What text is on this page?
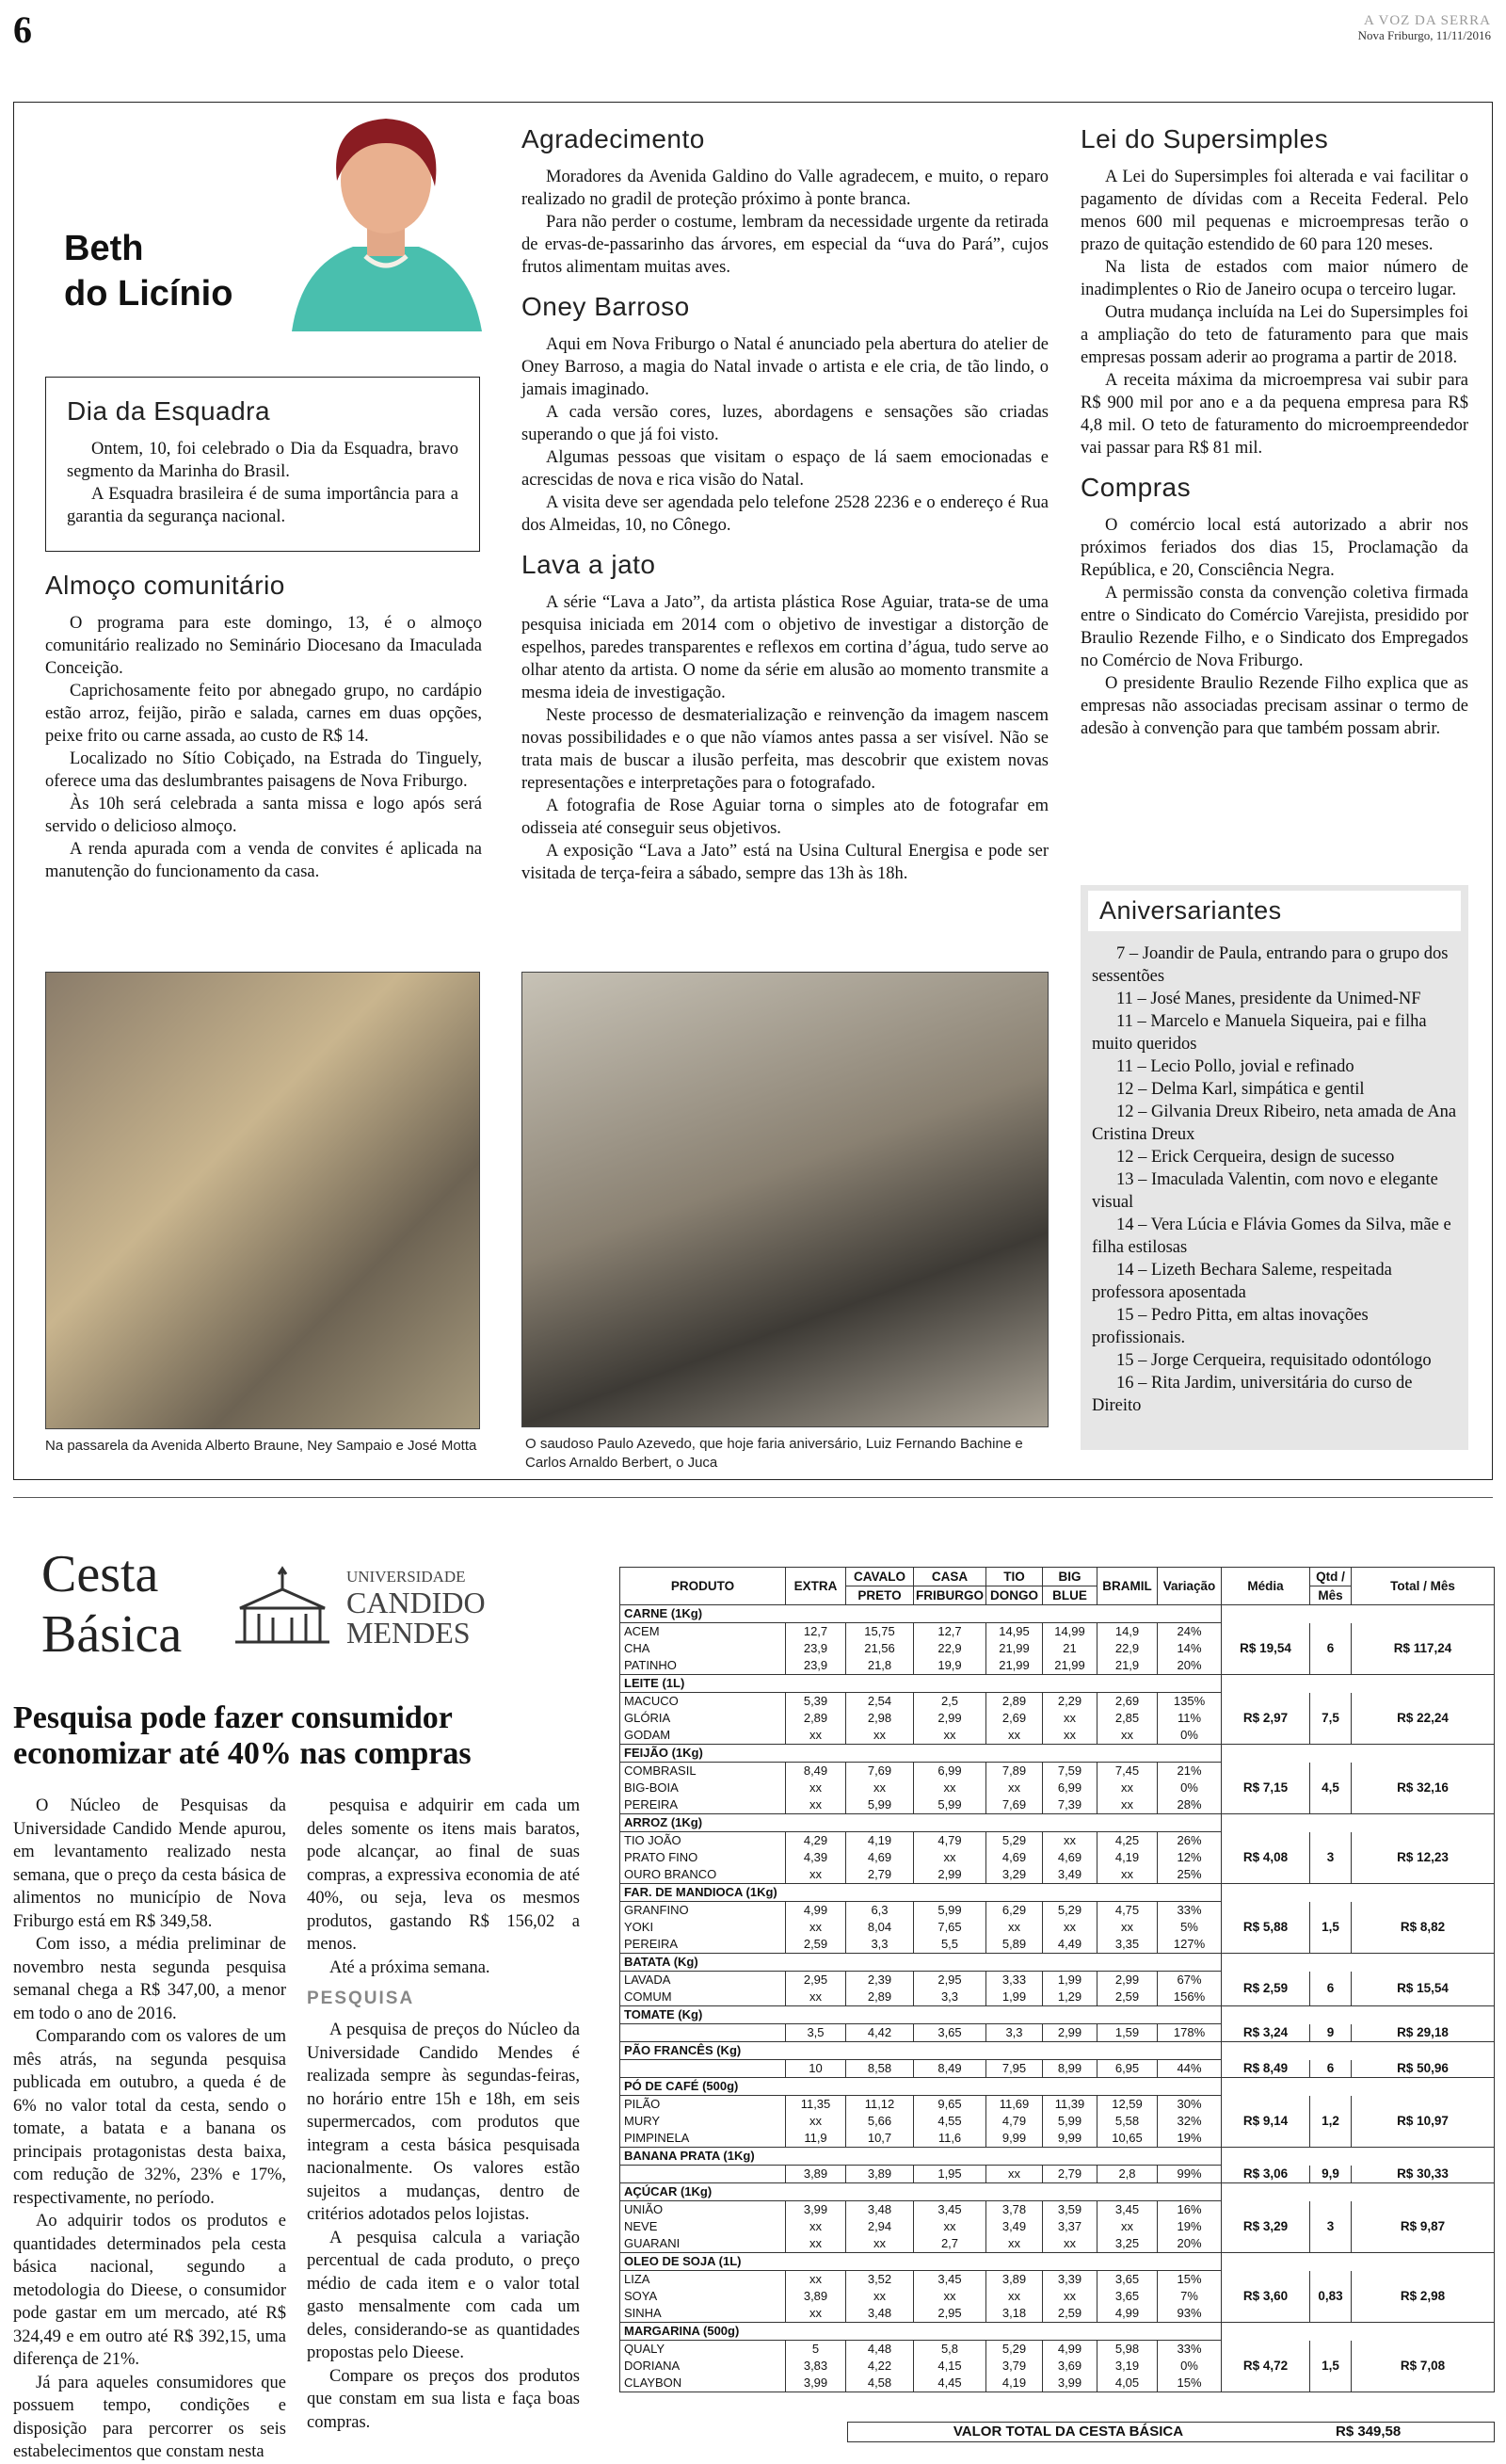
6	A VOZ DA SERRA
Nova Friburgo, 11/11/2016
Beth
do Licínio
Dia da Esquadra

Ontem, 10, foi celebrado o Dia da Esquadra, bravo segmento da Marinha do Brasil.

A Esquadra brasileira é de suma importância para a garantia da segurança nacional.

Almoço comunitário

O programa para este domingo, 13, é o almoço comunitário realizado no Seminário Diocesano da Imaculada Conceição.

Caprichosamente feito por abnegado grupo, no cardápio estão arroz, feijão, pirão e salada, carnes em duas opções, peixe frito ou carne assada, ao custo de R$ 14.

Localizado no Sítio Cobiçado, na Estrada do Tinguely, oferece uma das deslumbrantes paisagens de Nova Friburgo.

Às 10h será celebrada a santa missa e logo após será servido o delicioso almoço.

A renda apurada com a venda de convites é aplicada na manutenção do funcionamento da casa.

Na passarela da Avenida Alberto Braune, Ney Sampaio e José Motta
Agradecimento

Moradores da Avenida Galdino do Valle agradecem, e muito, o reparo realizado no gradil de proteção próximo à ponte branca.

Para não perder o costume, lembram da necessidade urgente da retirada de ervas-de-passarinho das árvores, em especial da “uva do Pará”, cujos frutos alimentam muitas aves.

Oney Barroso

Aqui em Nova Friburgo o Natal é anunciado pela abertura do atelier de Oney Barroso, a magia do Natal invade o artista e ele cria, de tão lindo, o jamais imaginado.

A cada versão cores, luzes, abordagens e sensações são criadas superando o que já foi visto.

Algumas pessoas que visitam o espaço de lá saem emocionadas e acrescidas de nova e rica visão do Natal.

A visita deve ser agendada pelo telefone 2528 2236 e o endereço é Rua dos Almeidas, 10, no Cônego.

Lava a jato

A série “Lava a Jato”, da artista plástica Rose Aguiar, trata-se de uma pesquisa iniciada em 2014 com o objetivo de investigar a distorção de espelhos, paredes transparentes e reflexos em cortina d’água, tudo serve ao olhar atento da artista. O nome da série em alusão ao momento transmite a mesma ideia de investigação.

Neste processo de desmaterialização e reinvenção da imagem nascem novas possibilidades e o que não víamos antes passa a ser visível. Não se trata mais de buscar a ilusão perfeita, mas descobrir que existem novas representações e interpretações para o fotografado.

A fotografia de Rose Aguiar torna o simples ato de fotografar em odisseia até conseguir seus objetivos.

A exposição “Lava a Jato” está na Usina Cultural Energisa e pode ser visitada de terça-feira a sábado, sempre das 13h às 18h.

O saudoso Paulo Azevedo, que hoje faria aniversário, Luiz Fernando Bachine e Carlos Arnaldo Berbert, o Juca
Lei do Supersimples

A Lei do Supersimples foi alterada e vai facilitar o pagamento de dívidas com a Receita Federal. Pelo menos 600 mil pequenas e microempresas terão o prazo de quitação estendido de 60 para 120 meses.

Na lista de estados com maior número de inadimplentes o Rio de Janeiro ocupa o terceiro lugar.

Outra mudança incluída na Lei do Supersimples foi a ampliação do teto de faturamento para que mais empresas possam aderir ao programa a partir de 2018.

A receita máxima da microempresa vai subir para R$ 900 mil por ano e a da pequena empresa para R$ 4,8 mil. O teto de faturamento do microempreendedor vai passar para R$ 81 mil.

Compras

O comércio local está autorizado a abrir nos próximos feriados dos dias 15, Proclamação da República, e 20, Consciência Negra.

A permissão consta da convenção coletiva firmada entre o Sindicato do Comércio Varejista, presidido por Braulio Rezende Filho, e o Sindicato dos Empregados no Comércio de Nova Friburgo.

O presidente Braulio Rezende Filho explica que as empresas não associadas precisam assinar o termo de adesão à convenção para que também possam abrir.

Aniversariantes

7 – Joandir de Paula, entrando para o grupo dos sessentões

11 – José Manes, presidente da Unimed-NF

11 – Marcelo e Manuela Siqueira, pai e filha muito queridos

11 – Lecio Pollo, jovial e refinado

12 – Delma Karl, simpática e gentil

12 – Gilvania Dreux Ribeiro, neta amada de Ana Cristina Dreux

12 – Erick Cerqueira, design de sucesso

13 – Imaculada Valentin, com novo e elegante visual

14 – Vera Lúcia e Flávia Gomes da Silva, mãe e filha estilosas

14 – Lizeth Bechara Saleme, respeitada professora aposentada

15 – Pedro Pitta, em altas inovações profissionais.

15 – Jorge Cerqueira, requisitado odontólogo

16 – Rita Jardim, universitária do curso de Direito

Cesta
Básica
UNIVERSIDADE
CANDIDO
MENDES
Pesquisa pode fazer consumidor economizar até 40% nas compras

O Núcleo de Pesquisas da Universidade Candido Mende apurou, em levantamento realizado nesta semana, que o preço da cesta básica de alimentos no município de Nova Friburgo está em R$ 349,58.

Com isso, a média preliminar de novembro nesta segunda pesquisa semanal chega a R$ 347,00, a menor em todo o ano de 2016.

Comparando com os valores de um mês atrás, na segunda pesquisa publicada em outubro, a queda é de 6% no valor total da cesta, sendo o tomate, a batata e a banana os principais protagonistas desta baixa, com redução de 32%, 23% e 17%, respectivamente, no período.

Ao adquirir todos os produtos e quantidades determinados pela cesta básica nacional, segundo a metodologia do Dieese, o consumidor pode gastar em um mercado, até R$ 324,49 e em outro até R$ 392,15, uma diferença de 21%.

Já para aqueles consumidores que possuem tempo, condições e disposição para percorrer os seis estabelecimentos que constam nesta

pesquisa e adquirir em cada um deles somente os itens mais baratos, pode alcançar, ao final de suas compras, a expressiva economia de até 40%, ou seja, leva os mesmos produtos, gastando R$ 156,02 a menos.

Até a próxima semana.

PESQUISA

A pesquisa de preços do Núcleo da Universidade Candido Mendes é realizada sempre às segundas-feiras, no horário entre 15h e 18h, em seis supermercados, com produtos que integram a cesta básica pesquisada nacionalmente. Os valores estão sujeitos a mudanças, dentro de critérios adotados pelos lojistas.

A pesquisa calcula a variação percentual de cada produto, o preço médio de cada item e o valor total gasto mensalmente com cada um deles, considerando-se as quantidades propostas pelo Dieese.

Compare os preços dos produtos que constam em sua lista e faça boas compras.

PRODUTO	EXTRA	CAVALO	CASA	TIO	BIG	BRAMIL	Variação	Média	Qtd /	Total / Mês
		PRETO	FRIBURGO	DONGO	BLUE				Mês	
CARNE (1Kg)										
ACEM	12,7	15,75	12,7	14,95	14,99	14,9	24%	R$ 19,54	6	R$ 117,24
CHA	23,9	21,56	22,9	21,99	21	22,9	14%			
PATINHO	23,9	21,8	19,9	21,99	21,99	21,9	20%			
LEITE (1L)										
MACUCO	5,39	2,54	2,5	2,89	2,29	2,69	135%	R$ 2,97	7,5	R$ 22,24
GLÓRIA	2,89	2,98	2,99	2,69	xx	2,85	11%			
GODAM	xx	xx	xx	xx	xx	xx	0%			
FEIJÃO (1Kg)										
COMBRASIL	8,49	7,69	6,99	7,89	7,59	7,45	21%	R$ 7,15	4,5	R$ 32,16
BIG-BOIA	xx	xx	xx	xx	6,99	xx	0%			
PEREIRA	xx	5,99	5,99	7,69	7,39	xx	28%			
ARROZ (1Kg)										
TIO JOÃO	4,29	4,19	4,79	5,29	xx	4,25	26%	R$ 4,08	3	R$ 12,23
PRATO FINO	4,39	4,69	xx	4,69	4,69	4,19	12%			
OURO BRANCO	xx	2,79	2,99	3,29	3,49	xx	25%			
FAR. DE MANDIOCA (1Kg)										
GRANFINO	4,99	6,3	5,99	6,29	5,29	4,75	33%	R$ 5,88	1,5	R$ 8,82
YOKI	xx	8,04	7,65	xx	xx	xx	5%			
PEREIRA	2,59	3,3	5,5	5,89	4,49	3,35	127%			
BATATA (Kg)										
LAVADA	2,95	2,39	2,95	3,33	1,99	2,99	67%	R$ 2,59	6	R$ 15,54
COMUM	xx	2,89	3,3	1,99	1,29	2,59	156%			
TOMATE (Kg)										
	3,5	4,42	3,65	3,3	2,99	1,59	178%	R$ 3,24	9	R$ 29,18
PÃO FRANCÊS (Kg)										
	10	8,58	8,49	7,95	8,99	6,95	44%	R$ 8,49	6	R$ 50,96
PÓ DE CAFÉ (500g)										
PILÃO	11,35	11,12	9,65	11,69	11,39	12,59	30%	R$ 9,14	1,2	R$ 10,97
MURY	xx	5,66	4,55	4,79	5,99	5,58	32%			
PIMPINELA	11,9	10,7	11,6	9,99	9,99	10,65	19%			
BANANA PRATA (1Kg)										
	3,89	3,89	1,95	xx	2,79	2,8	99%	R$ 3,06	9,9	R$ 30,33
AÇÚCAR (1Kg)										
UNIÃO	3,99	3,48	3,45	3,78	3,59	3,45	16%	R$ 3,29	3	R$ 9,87
NEVE	xx	2,94	xx	3,49	3,37	xx	19%			
GUARANI	xx	xx	2,7	xx	xx	3,25	20%			
OLEO DE SOJA (1L)										
LIZA	xx	3,52	3,45	3,89	3,39	3,65	15%	R$ 3,60	0,83	R$ 2,98
SOYA	3,89	xx	xx	xx	xx	3,65	7%			
SINHA	xx	3,48	2,95	3,18	2,59	4,99	93%			
MARGARINA (500g)										
QUALY	5	4,48	5,8	5,29	4,99	5,98	33%	R$ 4,72	1,5	R$ 7,08
DORIANA	3,83	4,22	4,15	3,79	3,69	3,19	0%			
CLAYBON	3,99	4,58	4,45	4,19	3,99	4,05	15%			
VALOR TOTAL DA CESTA BÁSICA	R$ 349,58
